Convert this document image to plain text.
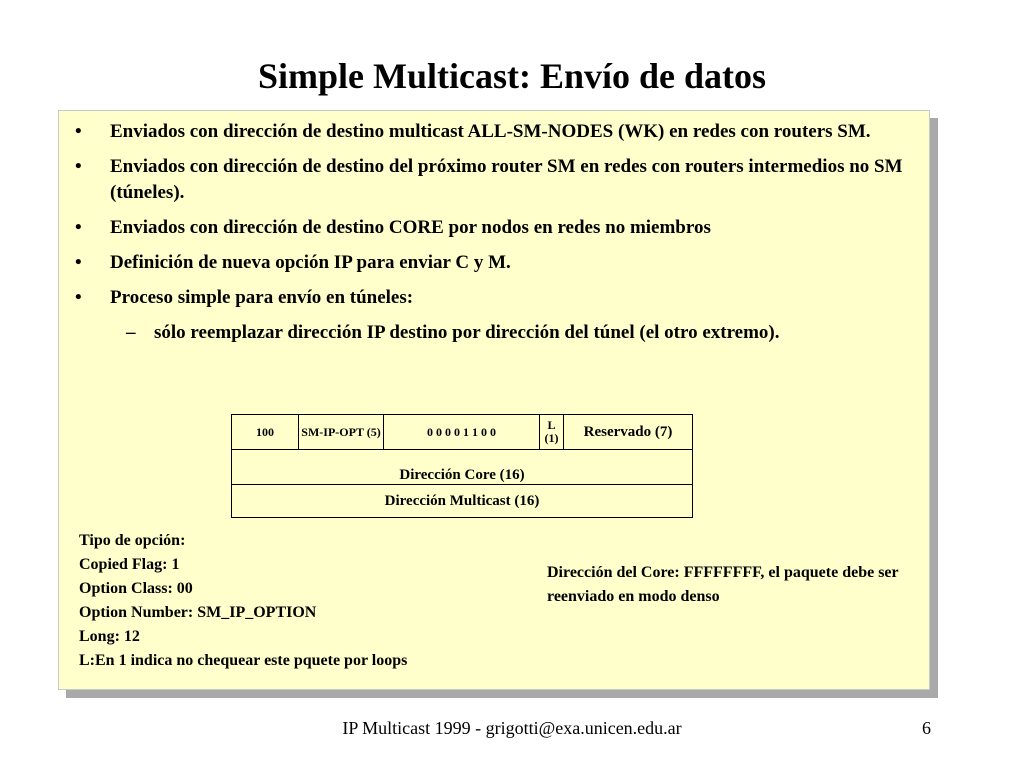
Simple Multicast: Envío de datos
• Enviados con dirección de destino multicast ALL-SM-NODES (WK) en redes con routers SM.
• Enviados con dirección de destino del próximo router SM en redes con routers intermedios no SM (túneles).
• Enviados con dirección de destino CORE por nodos en redes no miembros
• Definición de nueva opción IP para enviar C y M.
• Proceso simple para envío en túneles:
– sólo reemplazar dirección IP destino por dirección del túnel (el otro extremo).
100	SM-IP-OPT (5)	0 0 0 0 1 1 0 0	L (1)	Reservado (7)
Dirección Core (16)
Dirección Multicast (16)
Tipo de opción:
Copied Flag: 1
Option Class: 00
Option Number: SM_IP_OPTION
Long: 12
L:En 1 indica no chequear este pquete por loops
Dirección del Core: FFFFFFFF, el paquete debe ser reenviado en modo denso
IP Multicast 1999 - grigotti@exa.unicen.edu.ar	6
